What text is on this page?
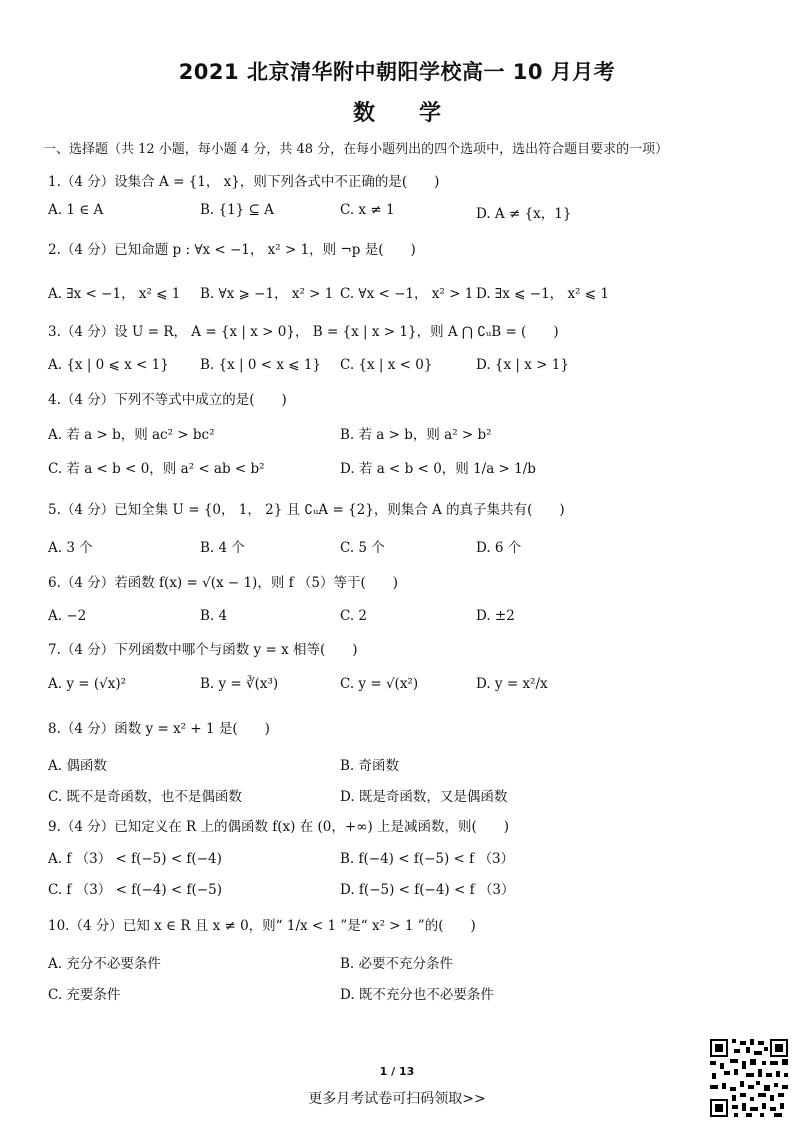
2021 北京清华附中朝阳学校高一 10 月月考
数　　学
一、选择题（共 12 小题，每小题 4 分，共 48 分，在每小题列出的四个选项中，选出符合题目要求的一项）
1.（4 分）设集合 A = {1， x}，则下列各式中不正确的是(　　)
A. 1 ∈ A	B. {1} ⊆ A	C. x ≠ 1	D. A ≠ {x，1}
2.（4 分）已知命题 p : ∀x < −1， x² > 1，则 ¬p 是(　　)
A. ∃x < −1， x² ⩽ 1 B. ∀x ⩾ −1， x² > 1 C. ∀x < −1， x² > 1 D. ∃x ⩽ −1， x² ⩽ 1
3.（4 分）设 U = R， A = {x | x > 0}， B = {x | x > 1}，则 A ⋂ ∁ᵤB = (　　)
A. {x | 0 ⩽ x < 1} B. {x | 0 < x ⩽ 1} C. {x | x < 0}	D. {x | x > 1}
4.（4 分）下列不等式中成立的是(　　)
A. 若 a > b，则 ac² > bc²	B. 若 a > b，则 a² > b²
C. 若 a < b < 0，则 a² < ab < b²	D. 若 a < b < 0，则 1/a > 1/b
5.（4 分）已知全集 U = {0， 1， 2} 且 ∁ᵤA = {2}，则集合 A 的真子集共有(　　)
A. 3 个	B. 4 个	C. 5 个	D. 6 个
6.（4 分）若函数 f(x) = √(x − 1)，则 f （5）等于(　　)
A. −2	B. 4	C. 2	D. ±2
7.（4 分）下列函数中哪个与函数 y = x 相等(　　)
A. y = (√x)²	B. y = ∛(x³)	C. y = √(x²)	D. y = x²/x
8.（4 分）函数 y = x² + 1 是(　　)
A. 偶函数	B. 奇函数
C. 既不是奇函数，也不是偶函数	D. 既是奇函数，又是偶函数
9.（4 分）已知定义在 R 上的偶函数 f(x) 在 (0，+∞) 上是减函数，则(　　)
A. f （3） < f(−5) < f(−4)	B. f(−4) < f(−5) < f （3）
C. f （3） < f(−4) < f(−5)	D. f(−5) < f(−4) < f （3）
10.（4 分）已知 x ∈ R 且 x ≠ 0，则“ 1/x < 1 ”是“ x² > 1 ”的(　　)
A. 充分不必要条件	B. 必要不充分条件
C. 充要条件	D. 既不充分也不必要条件
1 / 13
更多月考试卷可扫码领取>>
